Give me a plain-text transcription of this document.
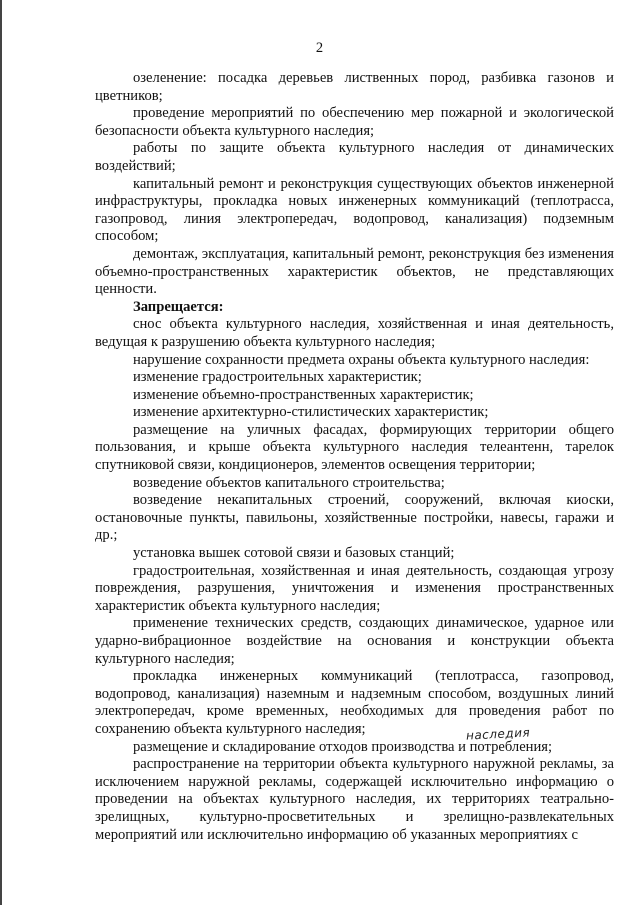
2

озеленение: посадка деревьев лиственных пород, разбивка газонов и цветников;

проведение мероприятий по обеспечению мер пожарной и экологической безопасности объекта культурного наследия;

работы по защите объекта культурного наследия от динамических воздействий;

капитальный ремонт и реконструкция существующих объектов инженерной инфраструктуры, прокладка новых инженерных коммуникаций (теплотрасса, газопровод, линия электропередач, водопровод, канализация) подземным способом;

демонтаж, эксплуатация, капитальный ремонт, реконструкция без изменения объемно-пространственных характеристик объектов, не представляющих ценности.

Запрещается:

снос объекта культурного наследия, хозяйственная и иная деятельность, ведущая к разрушению объекта культурного наследия;

нарушение сохранности предмета охраны объекта культурного наследия:

изменение градостроительных характеристик;

изменение объемно-пространственных характеристик;

изменение архитектурно-стилистических характеристик;

размещение на уличных фасадах, формирующих территории общего пользования, и крыше объекта культурного наследия телеантенн, тарелок спутниковой связи, кондиционеров, элементов освещения территории;

возведение объектов капитального строительства;

возведение некапитальных строений, сооружений, включая киоски, остановочные пункты, павильоны, хозяйственные постройки, навесы, гаражи и др.;

установка вышек сотовой связи и базовых станций;

градостроительная, хозяйственная и иная деятельность, создающая угрозу повреждения, разрушения, уничтожения и изменения пространственных характеристик объекта культурного наследия;

применение технических средств, создающих динамическое, ударное или ударно-вибрационное воздействие на основания и конструкции объекта культурного наследия;

прокладка инженерных коммуникаций (теплотрасса, газопровод, водопровод, канализация) наземным и надземным способом, воздушных линий электропередач, кроме временных, необходимых для проведения работ по сохранению объекта культурного наследия;

размещение и складирование отходов производства и потребления;

распространение на территории объекта культурного наружной рекламы, за исключением наружной рекламы, содержащей исключительно информацию о проведении на объектах культурного наследия, их территориях театрально-зрелищных, культурно-просветительных и зрелищно-развлекательных мероприятий или исключительно информацию об указанных мероприятиях с

наследия
